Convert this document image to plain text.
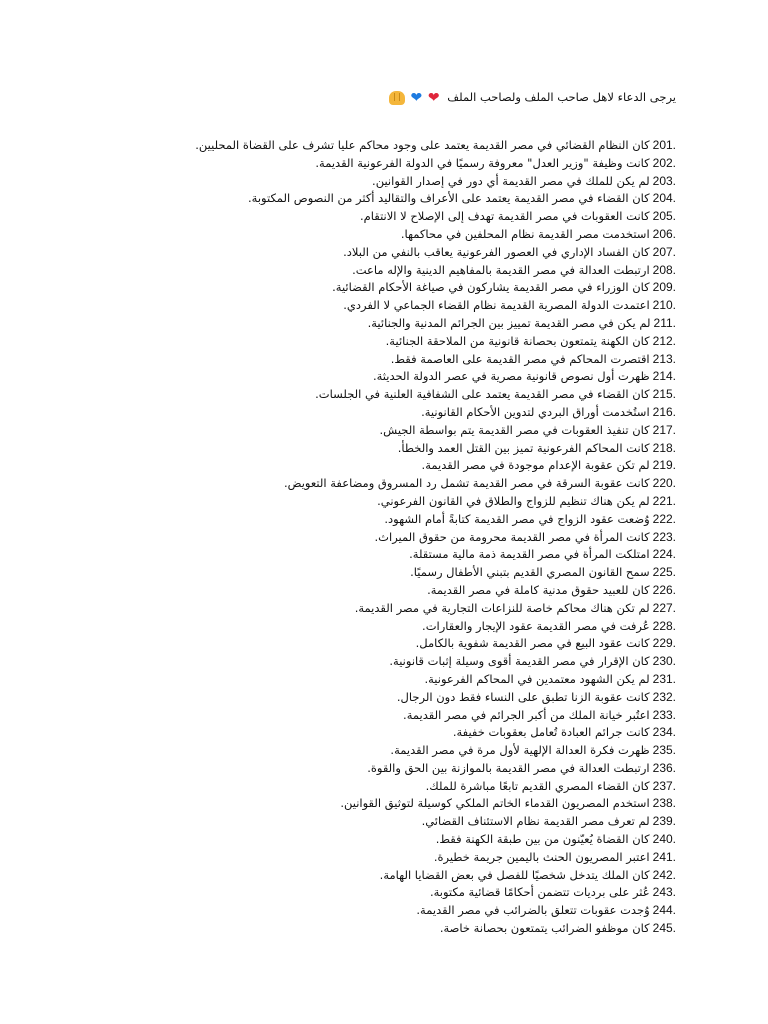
يرجى الدعاء لاهل صاحب الملف ولصاحب الملف ❤ ❤
201.كان النظام القضائي في مصر القديمة يعتمد على وجود محاكم عليا تشرف على القضاة المحليين.
202.كانت وظيفة "وزير العدل" معروفة رسميًا في الدولة الفرعونية القديمة.
203.لم يكن للملك في مصر القديمة أي دور في إصدار القوانين.
204.كان القضاء في مصر القديمة يعتمد على الأعراف والتقاليد أكثر من النصوص المكتوبة.
205.كانت العقوبات في مصر القديمة تهدف إلى الإصلاح لا الانتقام.
206.استخدمت مصر القديمة نظام المحلفين في محاكمها.
207.كان الفساد الإداري في العصور الفرعونية يعاقب بالنفي من البلاد.
208.ارتبطت العدالة في مصر القديمة بالمفاهيم الدينية والإله ماعت.
209.كان الوزراء في مصر القديمة يشاركون في صياغة الأحكام القضائية.
210.اعتمدت الدولة المصرية القديمة نظام القضاء الجماعي لا الفردي.
211.لم يكن في مصر القديمة تمييز بين الجرائم المدنية والجنائية.
212.كان الكهنة يتمتعون بحصانة قانونية من الملاحقة الجنائية.
213.اقتصرت المحاكم في مصر القديمة على العاصمة فقط.
214.ظهرت أول نصوص قانونية مصرية في عصر الدولة الحديثة.
215.كان القضاء في مصر القديمة يعتمد على الشفافية العلنية في الجلسات.
216.استُخدمت أوراق البردي لتدوين الأحكام القانونية.
217.كان تنفيذ العقوبات في مصر القديمة يتم بواسطة الجيش.
218.كانت المحاكم الفرعونية تميز بين القتل العمد والخطأ.
219.لم تكن عقوبة الإعدام موجودة في مصر القديمة.
220.كانت عقوبة السرقة في مصر القديمة تشمل رد المسروق ومضاعفة التعويض.
221.لم يكن هناك تنظيم للزواج والطلاق في القانون الفرعوني.
222.وُضعت عقود الزواج في مصر القديمة كتابةً أمام الشهود.
223.كانت المرأة في مصر القديمة محرومة من حقوق الميراث.
224.امتلكت المرأة في مصر القديمة ذمة مالية مستقلة.
225.سمح القانون المصري القديم بتبني الأطفال رسميًا.
226.كان للعبيد حقوق مدنية كاملة في مصر القديمة.
227.لم تكن هناك محاكم خاصة للنزاعات التجارية في مصر القديمة.
228.عُرفت في مصر القديمة عقود الإيجار والعقارات.
229.كانت عقود البيع في مصر القديمة شفوية بالكامل.
230.كان الإقرار في مصر القديمة أقوى وسيلة إثبات قانونية.
231.لم يكن الشهود معتمدين في المحاكم الفرعونية.
232.كانت عقوبة الزنا تطبق على النساء فقط دون الرجال.
233.اعتُبر خيانة الملك من أكبر الجرائم في مصر القديمة.
234.كانت جرائم العبادة تُعامل بعقوبات خفيفة.
235.ظهرت فكرة العدالة الإلهية لأول مرة في مصر القديمة.
236.ارتبطت العدالة في مصر القديمة بالموازنة بين الحق والقوة.
237.كان القضاء المصري القديم تابعًا مباشرة للملك.
238.استخدم المصريون القدماء الخاتم الملكي كوسيلة لتوثيق القوانين.
239.لم تعرف مصر القديمة نظام الاستئناف القضائي.
240.كان القضاة يُعيّنون من بين طبقة الكهنة فقط.
241.اعتبر المصريون الحنث باليمين جريمة خطيرة.
242.كان الملك يتدخل شخصيًا للفصل في بعض القضايا الهامة.
243.عُثر على برديات تتضمن أحكامًا قضائية مكتوبة.
244.وُجدت عقوبات تتعلق بالضرائب في مصر القديمة.
245.كان موظفو الضرائب يتمتعون بحصانة خاصة.
